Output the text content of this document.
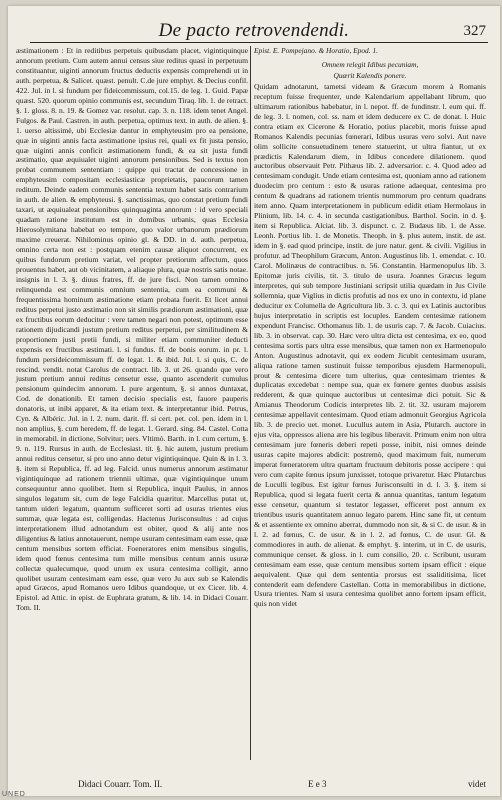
De pacto retrovendendi.	327

æstimationem : Et in reditibus perpetuis quibusdam placet, vigintiquinque annorum pretium. Cum autem annui census siue reditus quasi in perpetuum constituantur, uiginti annorum fructus deductis expensis comprehendi ut in auth. perpetua, & Salicet. quæst. penult. C.de jure emphyt. & Decius confil. 422. Jul. in l. si fundum per fideicommissum, col.15. de leg. 1. Guid. Papæ quæst. 520. quorum opinio communis est, secundum Tiraq. lib. 1. de retract. §. 1. gloss. 8. n. 19. & Gomez var. resolut. cap. 3. n. 118. idem tenet Angel. Fulgos. & Paul. Castren. in auth. perpetua, optimus text. in auth. de alien. §. 1. uerso altissimè, ubi Ecclesiæ dantur in emphyteusim pro ea pensione, quæ in uiginti annis facta æstimatione ipsius rei, quali ex fit justa pensio, quæ uiginti annis conficit æstimationem fundi, & ea sit justa fundi æstimatio, quæ æquiualet uiginti annorum pensionibus. Sed is textus non probat communem sententiam : quippe qui tractat de concessione in emphyteusim compositam ecclesiasticæ proprietatis, paucorum tamen reditum. Deinde eadem communis sententia textum habet satis contrarium in auth. de alien. & emphyteusi. §. sanctissimas, quo constat pretium fundi taxari, ut æquiualeat pensionibus quinquaginta annorum : id vero speciali quadam ratione institutum est in domibus urbanis, quas Ecclesia Hierosolymitana habebat eo tempore, quo valor urbanorum prædiorum maxime creuerat. Nihilominus opinio gl. & DD. in d. auth. perpetua, omnino certa non est : postquam etenim causæ aliquot concurrent, ex quibus fundorum pretium variat, vel propter pretiorum affectum, quos prouentus habet, aut ob vicinitatem, a aliaque plura, quæ nostris satis notae. insignis in l. 3. §. diuus fratres, ff. de jure fisci. Non tamen omnino relinquenda est communis omnium sententia, cum ea communi & frequentissima hominum æstimatione etiam probata fuerit. Et licet annui reditus perpetui justo æstimatio non sit similis prædiorum æstimationi, quæ ex fructibus eorum deducitur : vere tamen negari non potest, optimum esse rationem dijudicandi justum pretium reditus perpetui, per similitudinem & proportionem justi pretii fundi, si militer etiam communiter deducti expensis ex fructibus æstimati. l. si fundus. ff. de bonis eorum. in pr. l. fundum persideicommissum ff. de legat. 1. & ibid. Jul. l. si quis, C. de rescind. vendit. notat Carolus de contract. lib. 3. ut 26. quando que vero justum pretium annui reditus censetur esse, quanto ascenderit cumulus pensionum quindecim annorum. I. pure argentum, §. si annos duntaxat, Cod. de donationib. Et tamen decisio specialis est, fauore pauperis donatoris, ut inibi apparet, & ita etiam text. & interpretantur ibid. Petrus, Cyn. & Albéric. Jul. in l. 2. num. darit. ff. si cert. pet. col. pen. idem in l. non amplius, §. cum heredem, ff. de legat. 1. Gerard. sing. 84. Castel. Cotta in memorabil. in dictione, Solvitur; uers. Vltimò. Barth. in l. cum certum, §. 9. n. 119. Rursus in auth. de Ecclesiast. tit. §. hic autem, justum pretium annui reditus censetur, si pro uno anno detur vigintiquinque. Quin & in l. 3. §. item si Republica, ff. ad leg. Falcid. unus numerus annorum æstimatur vigintiquinque ad rationem triennii ultimæ, quæ vigintiquinque unum consequuntur anno quolibet. Item si Republica, inquit Paulus, in annos singulos legatum sit, cum de lege Falcidia quæritur. Marcellus putat ut, tantum uideri legatum, quantum sufficeret sorti ad usuras trientes eius summæ, quæ legata est, colligendas. Hactenus Jurisconsultus : ad cujus interpretationem illud adnotandum est obiter, quod & alij ante nos diligentius & latius annotauerunt, nempe usuram centesimam eam esse, quæ centum mensibus sortem efficiat. Foeneratores enim mensibus singulis, idem quod fœnus centesima tum mille mensibus centum annis usuræ collectæ qualecumque, quod unum ex usura centesima colligit, anno quolibet usuram centesimam eam esse, quæ vero Ju aux sub se Kalendis apud Græcos, apud Romanos uero Idibus quandoque, ut ex Cicer. lib. 4. Epistol. ad Attic. in epist. de Euphrata gratum, & lib. 14. in Didaci Couarr. Tom. II.

Epist. E. Pompejano. & Horatio, Epod. 1.
Omnem relegit Idibus pecuniam,
Quærit Kalendis ponere.

Quidam adnotarunt, tametsi videam & Græcum morem à Romanis receptum fuisse frequenter, unde Kalendarium appellabant librum, quo ultimarum rationibus habebatur, in l. nepot. ff. de fundinstr. l. eum qui. ff. de leg. 3. l. nomen, col. ss. nam et idem deducere ex C. de donat. l. Huic contra etiam ex Cicerone & Horatio, potius placebit, moris fuisse apud Romanos Kalendis pecunias fœnerari, Idibus usuras vero solvi. Aut nave olim sollicite consuetudinem tenere statuerint, ut ultra fiantur, ut ex prædictis Kalendarum diem, in Idibus concedere dilationem. quod auctoribus observauit Petr. Pithæus lib. 2. adversarior. c. 4. Quod adeo ad centesimam condugit. Unde etiam centesima est, quoniam anno ad rationem duodecim pro centum : esto & usuras ratione adaequat, centesima pro centum & quadrans ad rationem trientis nummorum pro centum quadrans item anno. Quam interpretationem in publicum edidit etiam Hermolaus in Plinium, lib. 14. c. 4. in secunda castigationibus. Barthol. Socin. in d. §. item si Republica. Alciat. lib. 3. dispunct. c. 2. Budæus lib. 1. de Asse. Leonh. Portius lib. 1. de Monetis. Theoph. in §. plus autem, instit. de ast. idem in §. ead quod principe, instit. de jure natur. gent. & civili. Vigilius in profutur. ad Theophilum Græcum, Anton. Augustinus lib. 1. emendat. c. 10. Carol. Molinæus de contractibus. n. 56. Constantin. Harmenopulus lib. 3. Epitomæ juris civilis, tit. 3. titulo de usura. Joannes Græcus legum interpretes, qui sub tempore Justiniani scripsit utilia quædam in Jus Civile sollemnia, quæ Viglius in dictis profutis ad nos ex uno in contextu, id plane deducitur ex Columella de Agricultura lib. 3. c. 3. qui ex Latinis auctoribus hujus interpretatio in scriptis est locuples. Eandem centesimæ rationem expendunt Francisc. Othomanus lib. 1. de usuris cap. 7. & Jacob. Cuiacius. lib. 3. in observat. cap. 30. Hæc vero ultra dicta est centesima, ex eo, quod centesima sortis pars ultra esse mensibus, quæ tamen non ex Harmenopulo Anton. Augustinus adnotavit, qui ex eodem Jicubit centesimam usuram, aliqua ratione tamen sustinuit fuisse temporibus ejusdem Harmenopuli, prout & centesima dicere tum ulterius, quæ centesimam trientes & duplicatas excedebat : nempe sua, quæ ex fœnere gentes duobus assisis redderent, & quæ quinque auctoribus ut centesimæ dici potuit. Sic & Amianus Theodorum Codicis interpretes lib. 2. tit. 32. usuram majorem centesimæ appellavit centesimam. Quod etiam admonuit Georgius Agricola lib. 3. de precio uet. monet. Lucullus autem in Asia, Plutarch. auctore in ejus vita, oppressos aliena ære his legibus liberavit. Primum enim non ultra centesimam jure fœneris deberi repeti posse, inibit, nisi omnes deinde usuras capite majores abdicit: postremò, quod maximum fuit, numerum imperat fœneratorem ultra quartam fructuum debitoris posse accipere : qui vero cum capite fœnus ipsum junxisset, totoque privaretur. Hæc Plutarchus de Luculli legibus. Est igitur fœnus Jurisconsulti in d. l. 3. §. item si Republica, quod si legata fuerit certa & annua quantitas, tantum legatum esse censetur, quantum si testator legasset, efficeret post annum ex trientibus usuris quantitatem annuo legato parem. Hinc sane fit, ut centum & et assentiente ex omnino aberrat, dummodo non sit, & si C. de usur. & in l. 2. ad fœnus, C. de usur. & in l. 2. ad fœnus, C. de usur. Gl. & commodiores in auth. de alienat. & emphyt. §. interim, ut in C. de usuris, communique censet. & gloss. in l. cum consilio, 20. c. Scribunt, usuram centesimam eam esse, quæ centum mensibus sortem ipsam efficit : eique aequivalent. Quæ qui dem sententia prorsus est ssaliditisima, licet contenderit eam defendere Castellan. Cotta in memorabilibus in dictione, Usura trientes. Nam si usura centesima quolibet anno fortem ipsam efficit, quis non videt

Didaci Couarr. Tom. II.	E e 3	videt
UNED
